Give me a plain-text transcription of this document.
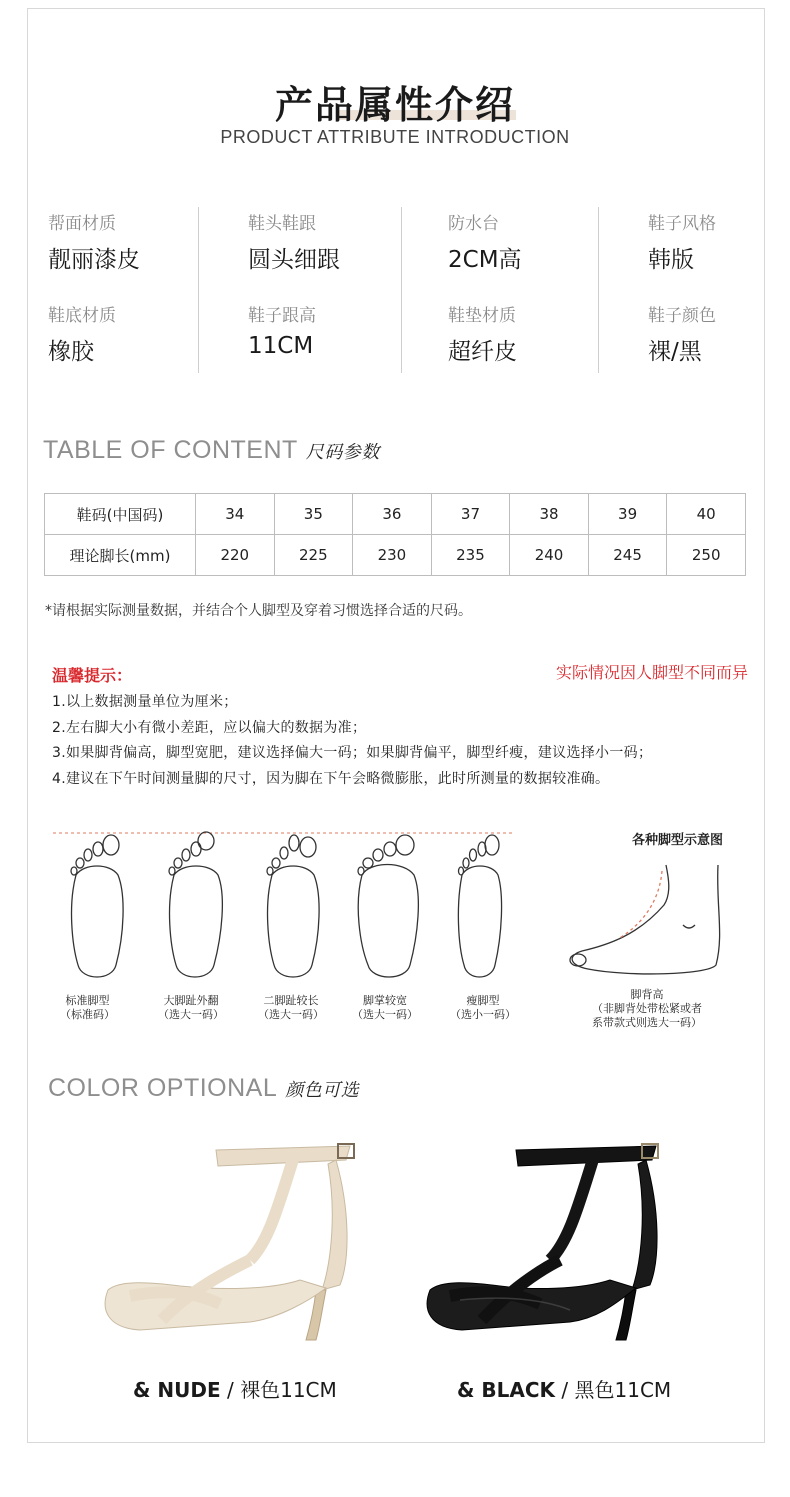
产品属性介绍
PRODUCT ATTRIBUTE INTRODUCTION
帮面材质
靓丽漆皮
鞋头鞋跟
圆头细跟
防水台
2CM高
鞋子风格
韩版
鞋底材质
橡胶
鞋子跟高
11CM
鞋垫材质
超纤皮
鞋子颜色
裸/黑
TABLE OF CONTENT 尺码参数
鞋码(中国码)	34	35	36	37	38	39	40
理论脚长(mm)	220	225	230	235	240	245	250
*请根据实际测量数据，并结合个人脚型及穿着习惯选择合适的尺码。
温馨提示：	实际情况因人脚型不同而异
1.以上数据测量单位为厘米；
2.左右脚大小有微小差距，应以偏大的数据为准；
3.如果脚背偏高，脚型宽肥，建议选择偏大一码；如果脚背偏平，脚型纤瘦，建议选择小一码；
4.建议在下午时间测量脚的尺寸，因为脚在下午会略微膨胀，此时所测量的数据较准确。
各种脚型示意图
标准脚型
（标准码）
大脚趾外翻
（选大一码）
二脚趾较长
（选大一码）
脚掌较宽
（选大一码）
瘦脚型
（选小一码）
脚背高
（非脚背处带松紧或者
系带款式则选大一码）
COLOR OPTIONAL 颜色可选
& NUDE / 裸色11CM	& BLACK / 黑色11CM
